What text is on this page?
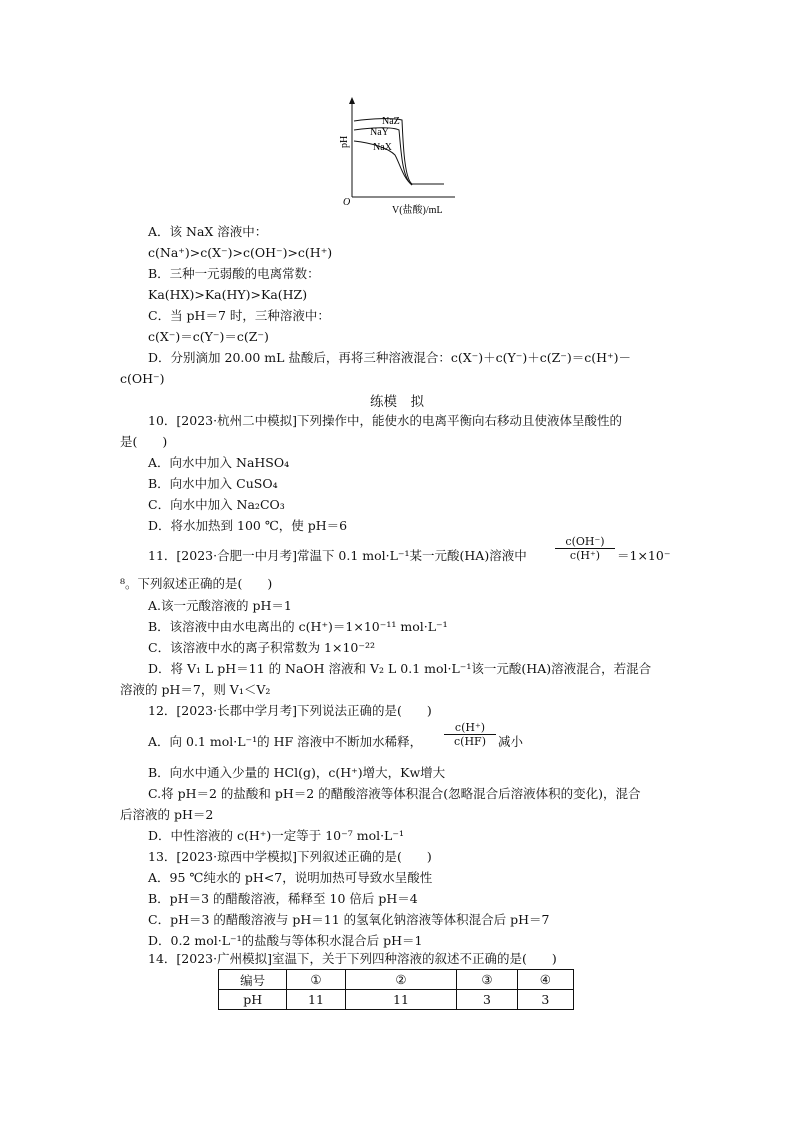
NaZ
NaY
NaX
pH
O
V(盐酸)/mL
A．该 NaX 溶液中：
c(Na⁺)>c(X⁻)>c(OH⁻)>c(H⁺)
B．三种一元弱酸的电离常数：
Ka(HX)>Ka(HY)>Ka(HZ)
C．当 pH＝7 时，三种溶液中：
c(X⁻)＝c(Y⁻)＝c(Z⁻)
D．分别滴加 20.00 mL 盐酸后，再将三种溶液混合：c(X⁻)＋c(Y⁻)＋c(Z⁻)＝c(H⁺)－
c(OH⁻)
练模　拟
10．[2023·杭州二中模拟]下列操作中，能使水的电离平衡向右移动且使液体呈酸性的
是(　　)
A．向水中加入 NaHSO₄
B．向水中加入 CuSO₄
C．向水中加入 Na₂CO₃
D．将水加热到 100 ℃，使 pH＝6
11．[2023·合肥一中月考]常温下 0.1 mol·L⁻¹某一元酸(HA)溶液中	$\frac{c(OH^-)}{c(H^+)} =1\times 10^-$
⁸。下列叙述正确的是(　　)
A.该一元酸溶液的 pH＝1
B．该溶液中由水电离出的 c(H⁺)＝1×10⁻¹¹ mol·L⁻¹
C．该溶液中水的离子积常数为 1×10⁻²²
D．将 V₁ L pH＝11 的 NaOH 溶液和 V₂ L 0.1 mol·L⁻¹该一元酸(HA)溶液混合，若混合
溶液的 pH＝7，则 V₁＜V₂
12．[2023·长郡中学月考]下列说法正确的是(　　)
A．向 0.1 mol·L⁻¹的 HF 溶液中不断加水稀释， $\frac{c(H^+)}{c(HF)}$ 减小
B．向水中通入少量的 HCl(g)，c(H⁺)增大，Kw增大
C.将 pH＝2 的盐酸和 pH＝2 的醋酸溶液等体积混合(忽略混合后溶液体积的变化)，混合
后溶液的 pH＝2
D．中性溶液的 c(H⁺)一定等于 10⁻⁷ mol·L⁻¹
13．[2023·琼西中学模拟]下列叙述正确的是(　　)
A．95 ℃纯水的 pH<7，说明加热可导致水呈酸性
B．pH＝3 的醋酸溶液，稀释至 10 倍后 pH＝4
C．pH＝3 的醋酸溶液与 pH＝11 的氢氧化钠溶液等体积混合后 pH＝7
D．0.2 mol·L⁻¹的盐酸与等体积水混合后 pH＝1
14．[2023·广州模拟]室温下，关于下列四种溶液的叙述不正确的是(　　)
编号	①	②	③	④
pH	11	11	3	3
